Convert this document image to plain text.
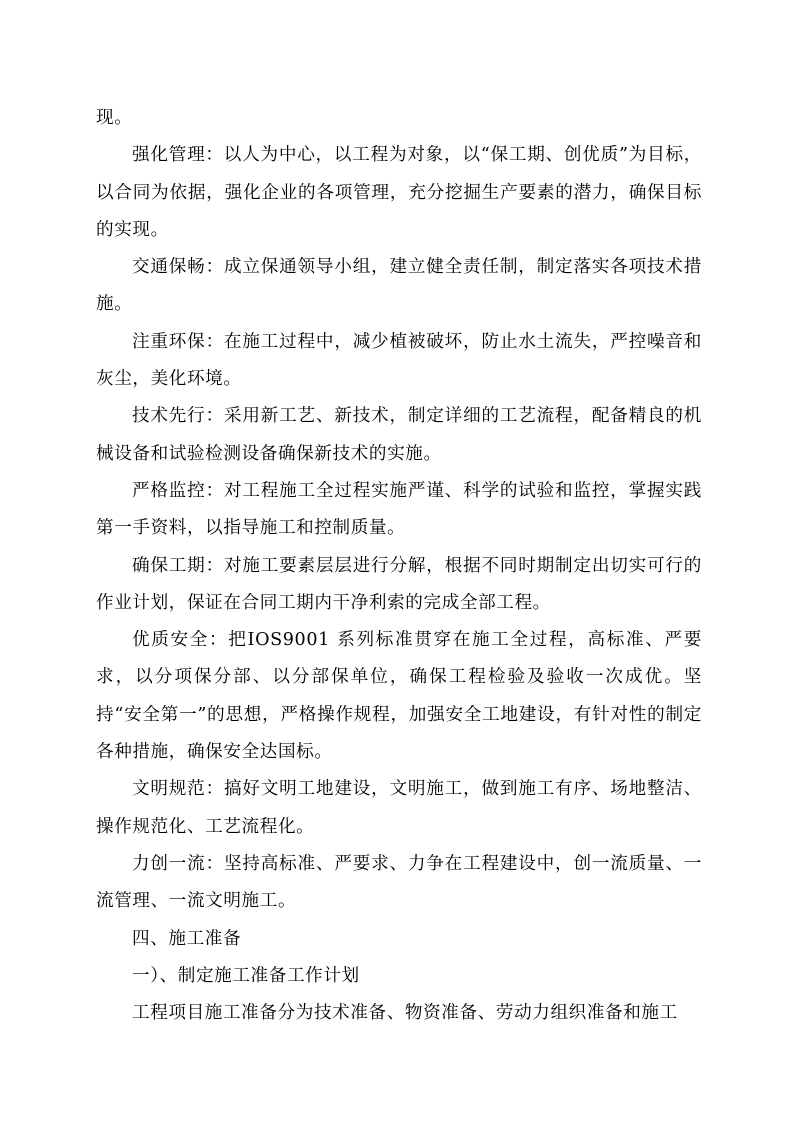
现。

强化管理：以人为中心，以工程为对象，以“保工期、创优质”为目标，以合同为依据，强化企业的各项管理，充分挖掘生产要素的潜力，确保目标的实现。

交通保畅：成立保通领导小组，建立健全责任制，制定落实各项技术措施。

注重环保：在施工过程中，减少植被破坏，防止水土流失，严控噪音和灰尘，美化环境。

技术先行：采用新工艺、新技术，制定详细的工艺流程，配备精良的机械设备和试验检测设备确保新技术的实施。

严格监控：对工程施工全过程实施严谨、科学的试验和监控，掌握实践第一手资料，以指导施工和控制质量。

确保工期：对施工要素层层进行分解，根据不同时期制定出切实可行的作业计划，保证在合同工期内干净利索的完成全部工程。

优质安全：把IOS9001 系列标准贯穿在施工全过程，高标准、严要求，以分项保分部、以分部保单位，确保工程检验及验收一次成优。坚持“安全第一”的思想，严格操作规程，加强安全工地建设，有针对性的制定各种措施，确保安全达国标。

文明规范：搞好文明工地建设，文明施工，做到施工有序、场地整洁、操作规范化、工艺流程化。

力创一流：坚持高标准、严要求、力争在工程建设中，创一流质量、一流管理、一流文明施工。

四、施工准备

一）、制定施工准备工作计划

工程项目施工准备分为技术准备、物资准备、劳动力组织准备和施工
